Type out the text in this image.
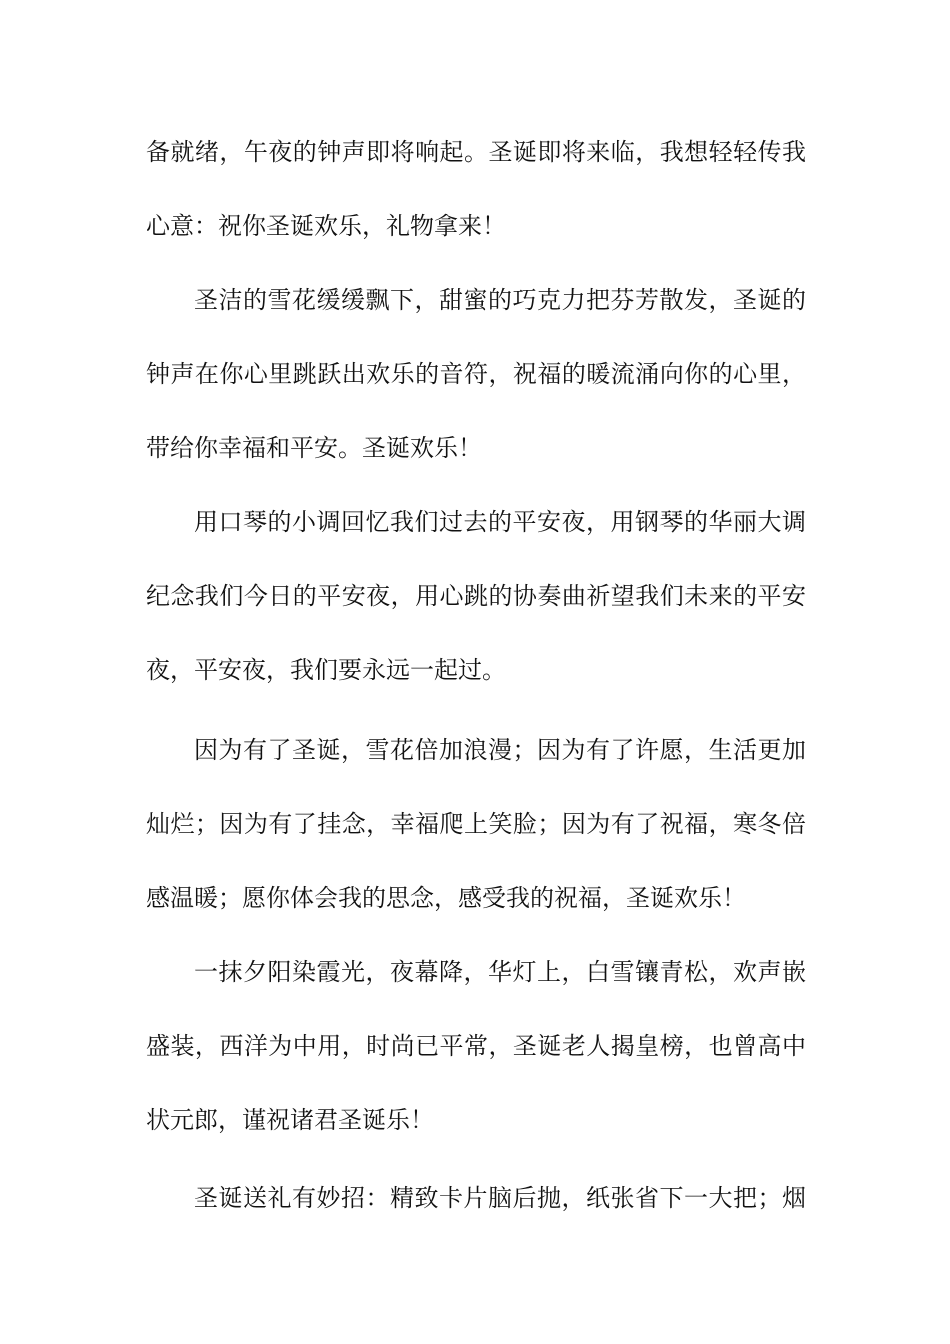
备就绪，午夜的钟声即将响起。圣诞即将来临，我想轻轻传我
心意：祝你圣诞欢乐，礼物拿来！
圣洁的雪花缓缓飘下，甜蜜的巧克力把芬芳散发，圣诞的
钟声在你心里跳跃出欢乐的音符，祝福的暖流涌向你的心里，
带给你幸福和平安。圣诞欢乐！
用口琴的小调回忆我们过去的平安夜，用钢琴的华丽大调
纪念我们今日的平安夜，用心跳的协奏曲祈望我们未来的平安
夜，平安夜，我们要永远一起过。
因为有了圣诞，雪花倍加浪漫；因为有了许愿，生活更加
灿烂；因为有了挂念，幸福爬上笑脸；因为有了祝福，寒冬倍
感温暖；愿你体会我的思念，感受我的祝福，圣诞欢乐！
一抹夕阳染霞光，夜幕降，华灯上，白雪镶青松，欢声嵌
盛装，西洋为中用，时尚已平常，圣诞老人揭皇榜，也曾高中
状元郎，谨祝诸君圣诞乐！
圣诞送礼有妙招：精致卡片脑后抛，纸张省下一大把；烟
